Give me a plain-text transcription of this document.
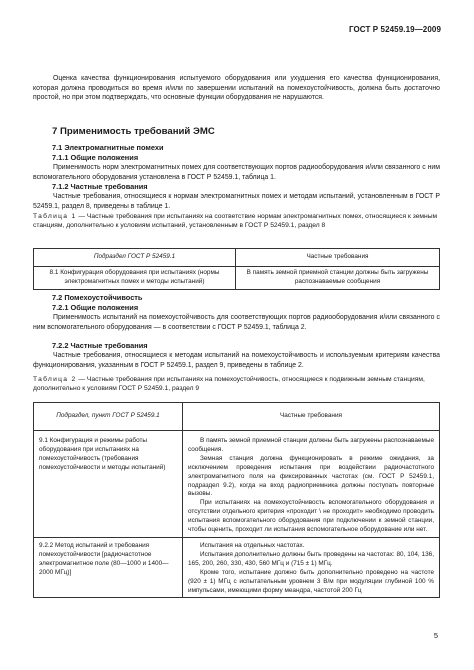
ГОСТ Р 52459.19—2009
Оценка качества функционирования испытуемого оборудования или ухудшения его качества функционирования, которая должна проводиться во время и/или по завершении испытаний на помехоустойчивость, должна быть достаточно простой, но при этом подтверждать, что основные функции оборудования не нарушаются.
7 Применимость требований ЭМС
7.1 Электромагнитные помехи
7.1.1 Общие положения
Применимость норм электромагнитных помех для соответствующих портов радиооборудования и/или связанного с ним вспомогательного оборудования установлена в ГОСТ Р 52459.1, таблица 1.
7.1.2 Частные требования
Частные требования, относящиеся к нормам электромагнитных помех и методам испытаний, установленным в ГОСТ Р 52459.1, раздел 8, приведены в таблице 1.
Таблица 1 — Частные требования при испытаниях на соответствие нормам электромагнитных помех, относящиеся к земным станциям, дополнительно к условиям испытаний, установленным в ГОСТ Р 52459.1, раздел 8
Подраздел ГОСТ Р 52459.1	Частные требования
8.1 Конфигурация оборудования при испытаниях (нормы электромагнитных помех и методы испытаний)	В память земной приемной станции должны быть загружены распознаваемые сообщения
7.2 Помехоустойчивость
7.2.1 Общие положения
Применимость испытаний на помехоустойчивость для соответствующих портов радиооборудования и/или связанного с ним вспомогательного оборудования — в соответствии с ГОСТ Р 52459.1, таблица 2.
7.2.2 Частные требования
Частные требования, относящиеся к методам испытаний на помехоустойчивость и используемым критериям качества функционирования, указанным в ГОСТ Р 52459.1, раздел 9, приведены в таблице 2.
Таблица 2 — Частные требования при испытаниях на помехоустойчивость, относящиеся к подвижным земным станциям, дополнительно к условиям ГОСТ Р 52459.1, раздел 9
Подраздел, пункт ГОСТ Р 52459.1	Частные требования
9.1 Конфигурация и режимы работы оборудования при испытаниях на помехоустойчивость (требования помехоустойчивости и методы испытаний)	В память земной приемной станции должны быть загружены распознаваемые сообщения.
Земная станция должна функционировать в режиме ожидания, за исключением проведения испытания при воздействии радиочастотного электромагнитного поля на фиксированных частотах (см. ГОСТ Р 52459.1, подраздел 9.2), когда на вход радиоприемника должны поступать повторные вызовы.
При испытаниях на помехоустойчивость вспомогательного оборудования и отсутствии отдельного критерия «проходит \ не проходит» необходимо проводить испытания вспомогательного оборудования при подключении к земной станции, чтобы оценить, проходит ли испытания вспомогательное оборудование или нет.

9.2.2 Метод испытаний и требования помехоустойчивости [радиочастотное электромагнитное поле (80—1000 и 1400—2000 МГц)]	Испытания на отдельных частотах.
Испытания дополнительно должны быть проведены на частотах: 80, 104, 136, 165, 200, 260, 330, 430, 560 МГц и (715 ± 1) МГц.
Кроме того, испытание должно быть дополнительно проведено на частоте (920 ± 1) МГц с испытательным уровнем 3 В/м при модуляции глубиной 100 % импульсами, имеющими форму меандра, частотой 200 Гц
5
